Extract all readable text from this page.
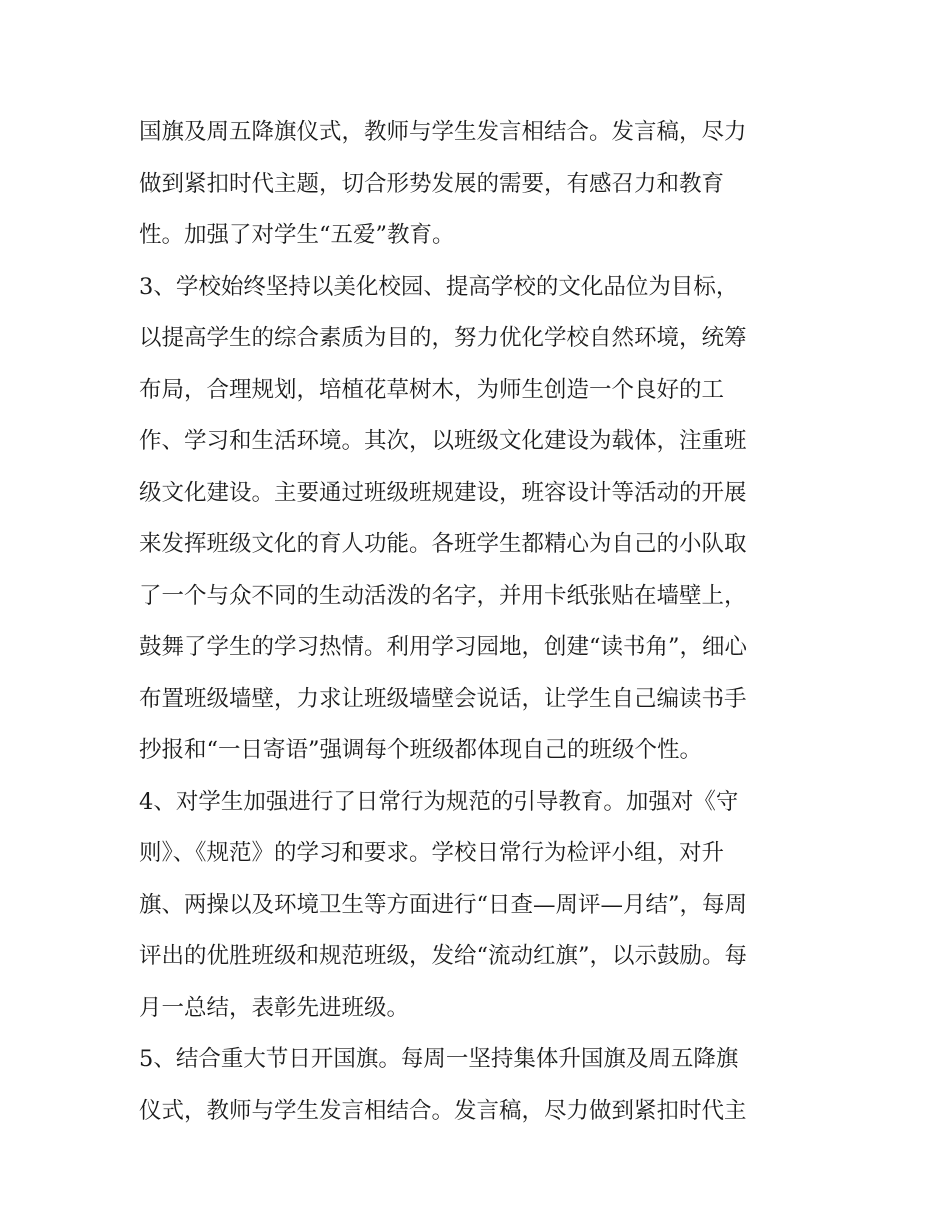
国旗及周五降旗仪式，教师与学生发言相结合。发言稿，尽力
做到紧扣时代主题，切合形势发展的需要，有感召力和教育
性。加强了对学生“五爱”教育。
3、学校始终坚持以美化校园、提高学校的文化品位为目标，
以提高学生的综合素质为目的，努力优化学校自然环境，统筹
布局，合理规划，培植花草树木，为师生创造一个良好的工
作、学习和生活环境。其次，以班级文化建设为载体，注重班
级文化建设。主要通过班级班规建设，班容设计等活动的开展
来发挥班级文化的育人功能。各班学生都精心为自己的小队取
了一个与众不同的生动活泼的名字，并用卡纸张贴在墙壁上，
鼓舞了学生的学习热情。利用学习园地，创建“读书角”，细心
布置班级墙壁，力求让班级墙壁会说话，让学生自己编读书手
抄报和“一日寄语”强调每个班级都体现自己的班级个性。
4、对学生加强进行了日常行为规范的引导教育。加强对《守
则》、《规范》的学习和要求。学校日常行为检评小组，对升
旗、两操以及环境卫生等方面进行“日查—周评—月结”，每周
评出的优胜班级和规范班级，发给“流动红旗”，以示鼓励。每
月一总结，表彰先进班级。
5、结合重大节日开国旗。每周一坚持集体升国旗及周五降旗
仪式，教师与学生发言相结合。发言稿，尽力做到紧扣时代主
